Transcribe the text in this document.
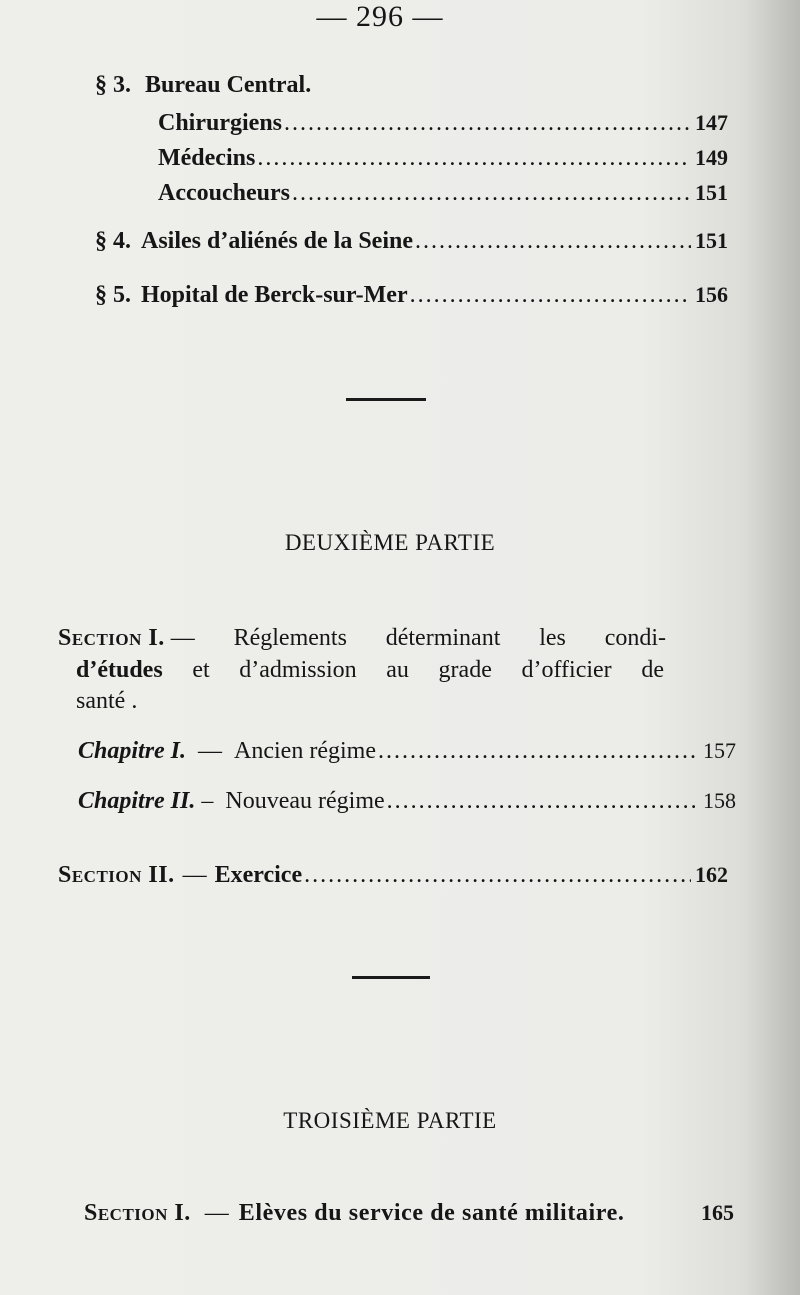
— 296 —
§ 3. Bureau Central.
Chirurgiens .....	147
Médecins .....	149
Accoucheurs .....	151
§ 4. Asiles d’aliénés de la Seine .....	151
§ 5. Hopital de Berck-sur-Mer .....	156
DEUXIÈME PARTIE
Section I. — Réglements déterminant les condi-
d’études et d’admission au grade d’officier de
santé .
Chapitre I. — Ancien régime .....	157
Chapitre II. – Nouveau régime .....	158
Section II. — Exercice .....	162
TROISIÈME PARTIE
Section I. — Elèves du service de santé militaire.	165
